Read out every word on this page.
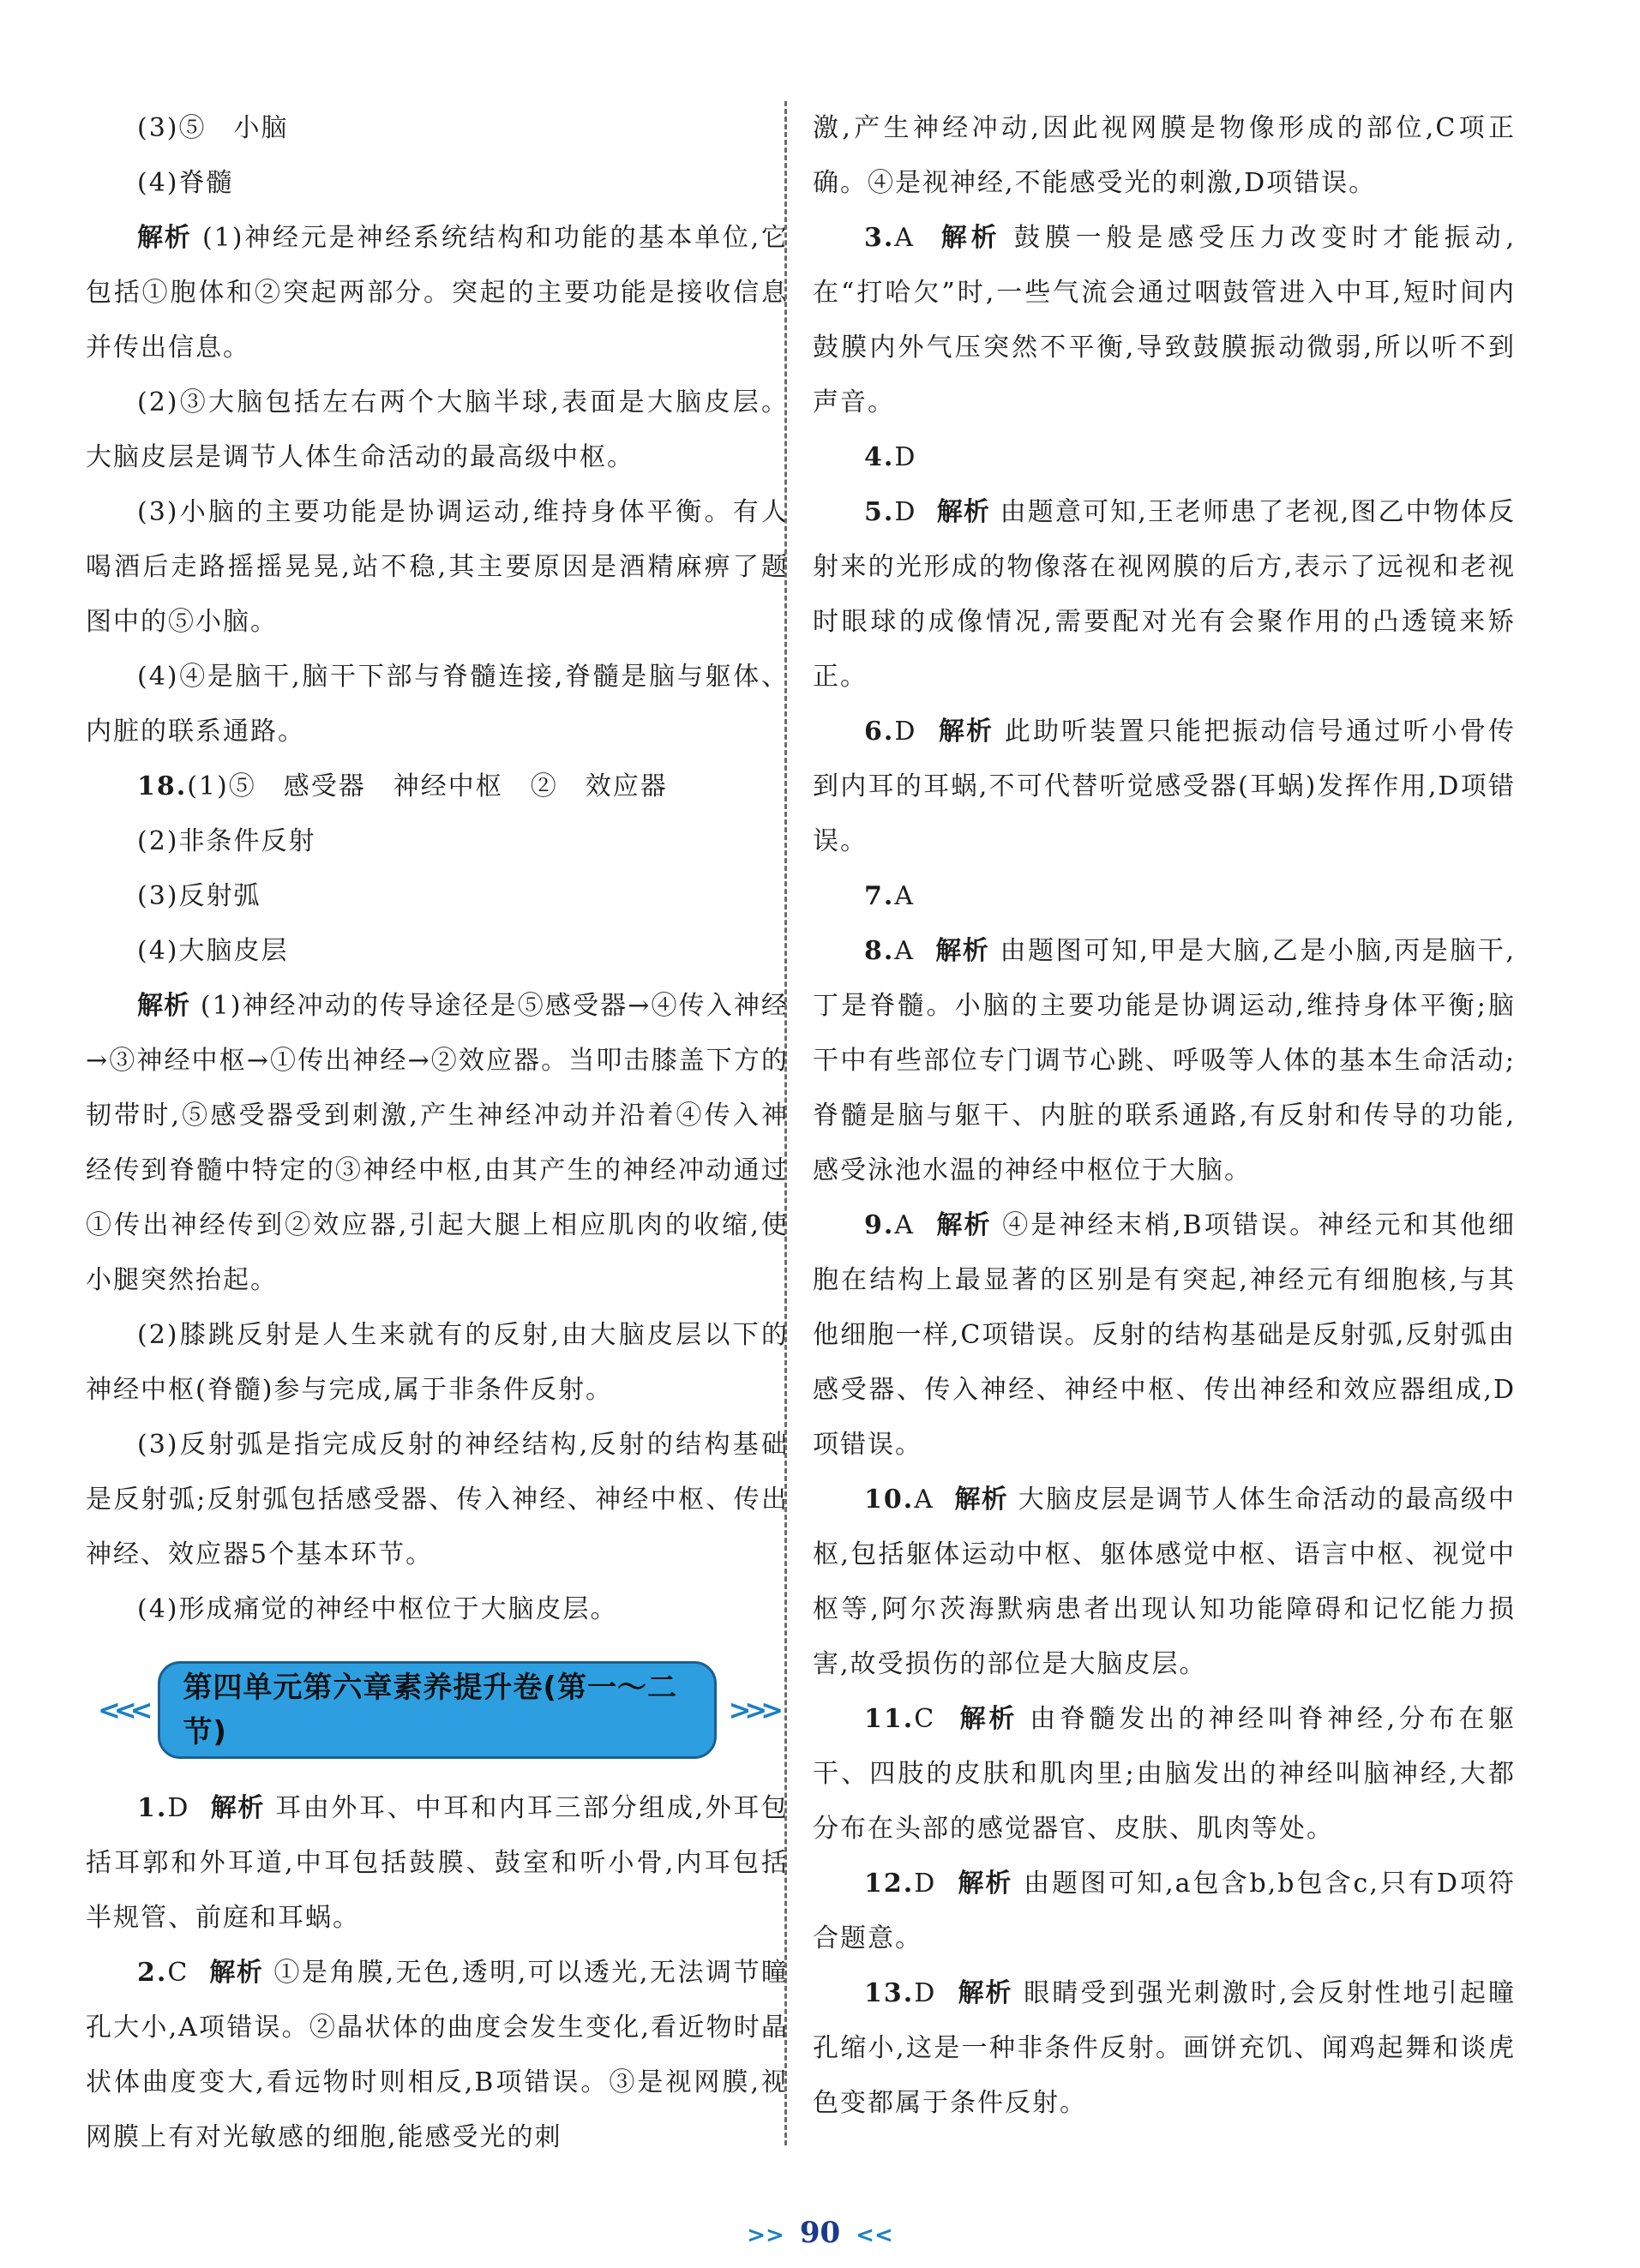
(3)⑤　小脑

(4)脊髓

解析 (1)神经元是神经系统结构和功能的基本单位,它包括①胞体和②突起两部分。突起的主要功能是接收信息并传出信息。

(2)③大脑包括左右两个大脑半球,表面是大脑皮层。大脑皮层是调节人体生命活动的最高级中枢。

(3)小脑的主要功能是协调运动,维持身体平衡。有人喝酒后走路摇摇晃晃,站不稳,其主要原因是酒精麻痹了题图中的⑤小脑。

(4)④是脑干,脑干下部与脊髓连接,脊髓是脑与躯体、内脏的联系通路。

18.(1)⑤　感受器　神经中枢　②　效应器

(2)非条件反射

(3)反射弧

(4)大脑皮层

解析 (1)神经冲动的传导途径是⑤感受器→④传入神经→③神经中枢→①传出神经→②效应器。当叩击膝盖下方的韧带时,⑤感受器受到刺激,产生神经冲动并沿着④传入神经传到脊髓中特定的③神经中枢,由其产生的神经冲动通过①传出神经传到②效应器,引起大腿上相应肌肉的收缩,使小腿突然抬起。

(2)膝跳反射是人生来就有的反射,由大脑皮层以下的神经中枢(脊髓)参与完成,属于非条件反射。

(3)反射弧是指完成反射的神经结构,反射的结构基础是反射弧;反射弧包括感受器、传入神经、神经中枢、传出神经、效应器5个基本环节。

(4)形成痛觉的神经中枢位于大脑皮层。

<<<
第四单元第六章素养提升卷(第一～二节)
>>>

1.D 解析 耳由外耳、中耳和内耳三部分组成,外耳包括耳郭和外耳道,中耳包括鼓膜、鼓室和听小骨,内耳包括半规管、前庭和耳蜗。

2.C 解析 ①是角膜,无色,透明,可以透光,无法调节瞳孔大小,A项错误。②晶状体的曲度会发生变化,看近物时晶状体曲度变大,看远物时则相反,B项错误。③是视网膜,视网膜上有对光敏感的细胞,能感受光的刺

激,产生神经冲动,因此视网膜是物像形成的部位,C项正确。④是视神经,不能感受光的刺激,D项错误。

3.A 解析 鼓膜一般是感受压力改变时才能振动,在“打哈欠”时,一些气流会通过咽鼓管进入中耳,短时间内鼓膜内外气压突然不平衡,导致鼓膜振动微弱,所以听不到声音。

4.D

5.D 解析 由题意可知,王老师患了老视,图乙中物体反射来的光形成的物像落在视网膜的后方,表示了远视和老视时眼球的成像情况,需要配对光有会聚作用的凸透镜来矫正。

6.D 解析 此助听装置只能把振动信号通过听小骨传到内耳的耳蜗,不可代替听觉感受器(耳蜗)发挥作用,D项错误。

7.A

8.A 解析 由题图可知,甲是大脑,乙是小脑,丙是脑干,丁是脊髓。小脑的主要功能是协调运动,维持身体平衡;脑干中有些部位专门调节心跳、呼吸等人体的基本生命活动;脊髓是脑与躯干、内脏的联系通路,有反射和传导的功能,感受泳池水温的神经中枢位于大脑。

9.A 解析 ④是神经末梢,B项错误。神经元和其他细胞在结构上最显著的区别是有突起,神经元有细胞核,与其他细胞一样,C项错误。反射的结构基础是反射弧,反射弧由感受器、传入神经、神经中枢、传出神经和效应器组成,D项错误。

10.A 解析 大脑皮层是调节人体生命活动的最高级中枢,包括躯体运动中枢、躯体感觉中枢、语言中枢、视觉中枢等,阿尔茨海默病患者出现认知功能障碍和记忆能力损害,故受损伤的部位是大脑皮层。

11.C 解析 由脊髓发出的神经叫脊神经,分布在躯干、四肢的皮肤和肌肉里;由脑发出的神经叫脑神经,大都分布在头部的感觉器官、皮肤、肌肉等处。

12.D 解析 由题图可知,a包含b,b包含c,只有D项符合题意。

13.D 解析 眼睛受到强光刺激时,会反射性地引起瞳孔缩小,这是一种非条件反射。画饼充饥、闻鸡起舞和谈虎色变都属于条件反射。

>> 90 <<
